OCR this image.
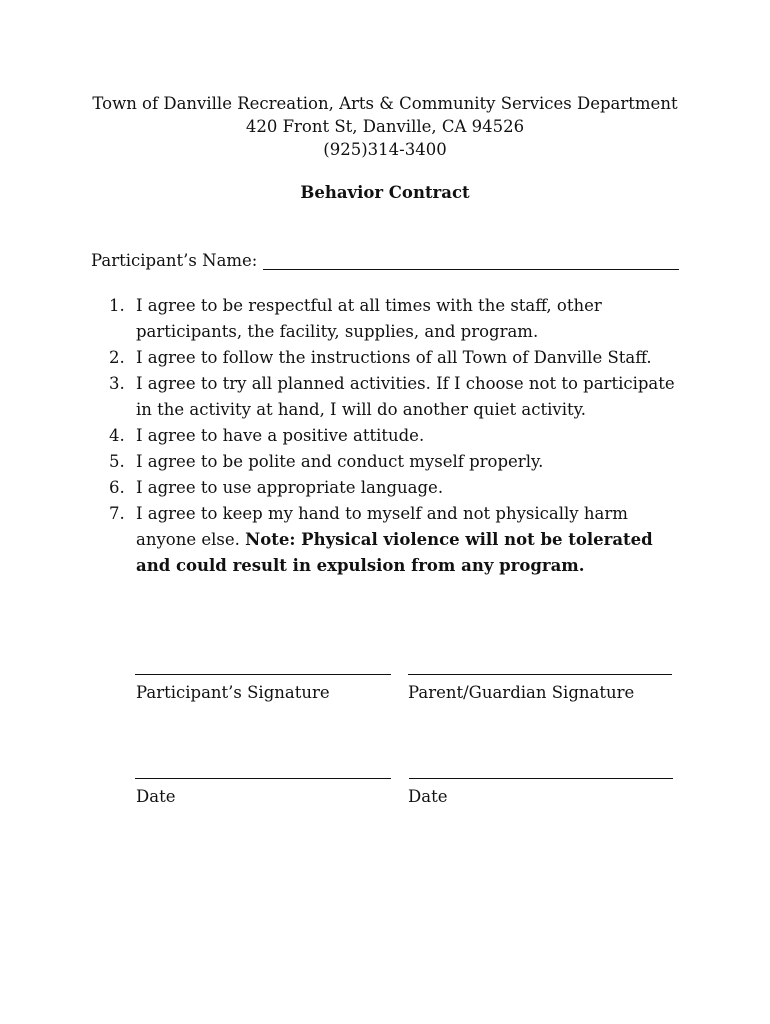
Town of Danville Recreation, Arts & Community Services Department
420 Front St, Danville, CA 94526
(925)314-3400
Behavior Contract
Participant’s Name:
1. I agree to be respectful at all times with the staff, other participants, the facility, supplies, and program.
2. I agree to follow the instructions of all Town of Danville Staff.
3. I agree to try all planned activities. If I choose not to participate in the activity at hand, I will do another quiet activity.
4. I agree to have a positive attitude.
5. I agree to be polite and conduct myself properly.
6. I agree to use appropriate language.
7. I agree to keep my hand to myself and not physically harm anyone else. Note: Physical violence will not be tolerated and could result in expulsion from any program.
Participant’s Signature	Parent/Guardian Signature
Date	Date
